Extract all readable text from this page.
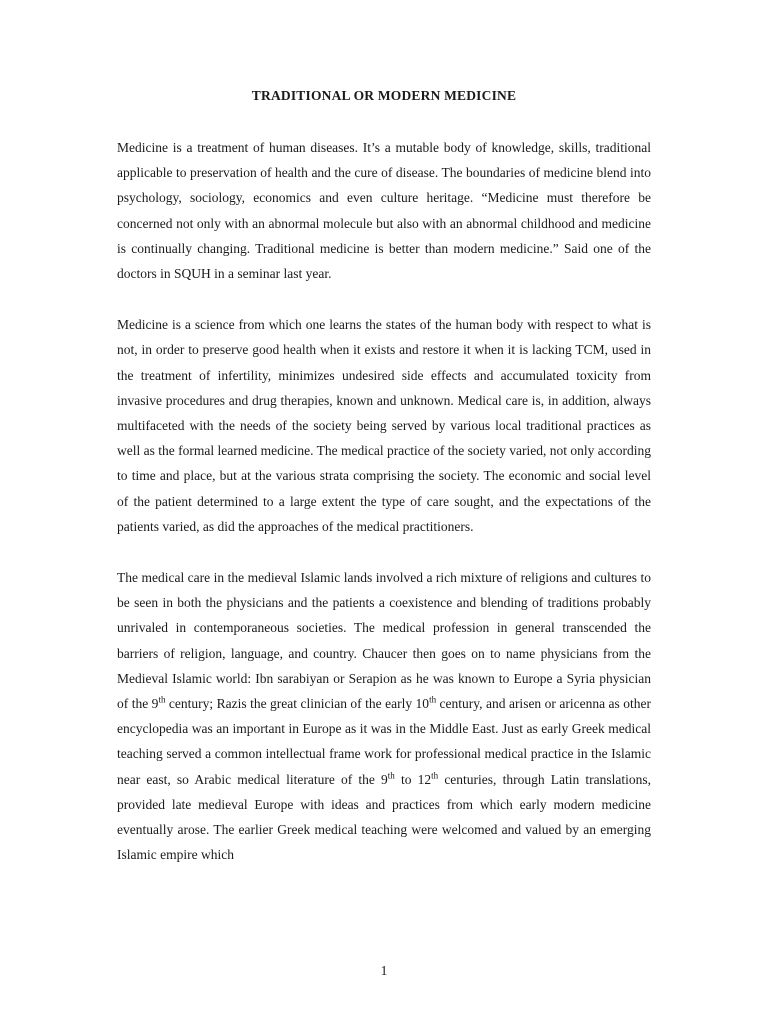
TRADITIONAL OR MODERN MEDICINE

Medicine is a treatment of human diseases. It’s a mutable body of knowledge, skills, traditional applicable to preservation of health and the cure of disease. The boundaries of medicine blend into psychology, sociology, economics and even culture heritage. “Medicine must therefore be concerned not only with an abnormal molecule but also with an abnormal childhood and medicine is continually changing. Traditional medicine is better than modern medicine.” Said one of the doctors in SQUH in a seminar last year.

Medicine is a science from which one learns the states of the human body with respect to what is not, in order to preserve good health when it exists and restore it when it is lacking TCM, used in the treatment of infertility, minimizes undesired side effects and accumulated toxicity from invasive procedures and drug therapies, known and unknown. Medical care is, in addition, always multifaceted with the needs of the society being served by various local traditional practices as well as the formal learned medicine. The medical practice of the society varied, not only according to time and place, but at the various strata comprising the society. The economic and social level of the patient determined to a large extent the type of care sought, and the expectations of the patients varied, as did the approaches of the medical practitioners.

The medical care in the medieval Islamic lands involved a rich mixture of religions and cultures to be seen in both the physicians and the patients a coexistence and blending of traditions probably unrivaled in contemporaneous societies. The medical profession in general transcended the barriers of religion, language, and country. Chaucer then goes on to name physicians from the Medieval Islamic world: Ibn sarabiyan or Serapion as he was known to Europe a Syria physician of the 9th century; Razis the great clinician of the early 10th century, and arisen or aricenna as other encyclopedia was an important in Europe as it was in the Middle East. Just as early Greek medical teaching served a common intellectual frame work for professional medical practice in the Islamic near east, so Arabic medical literature of the 9th to 12th centuries, through Latin translations, provided late medieval Europe with ideas and practices from which early modern medicine eventually arose. The earlier Greek medical teaching were welcomed and valued by an emerging Islamic empire which

1
